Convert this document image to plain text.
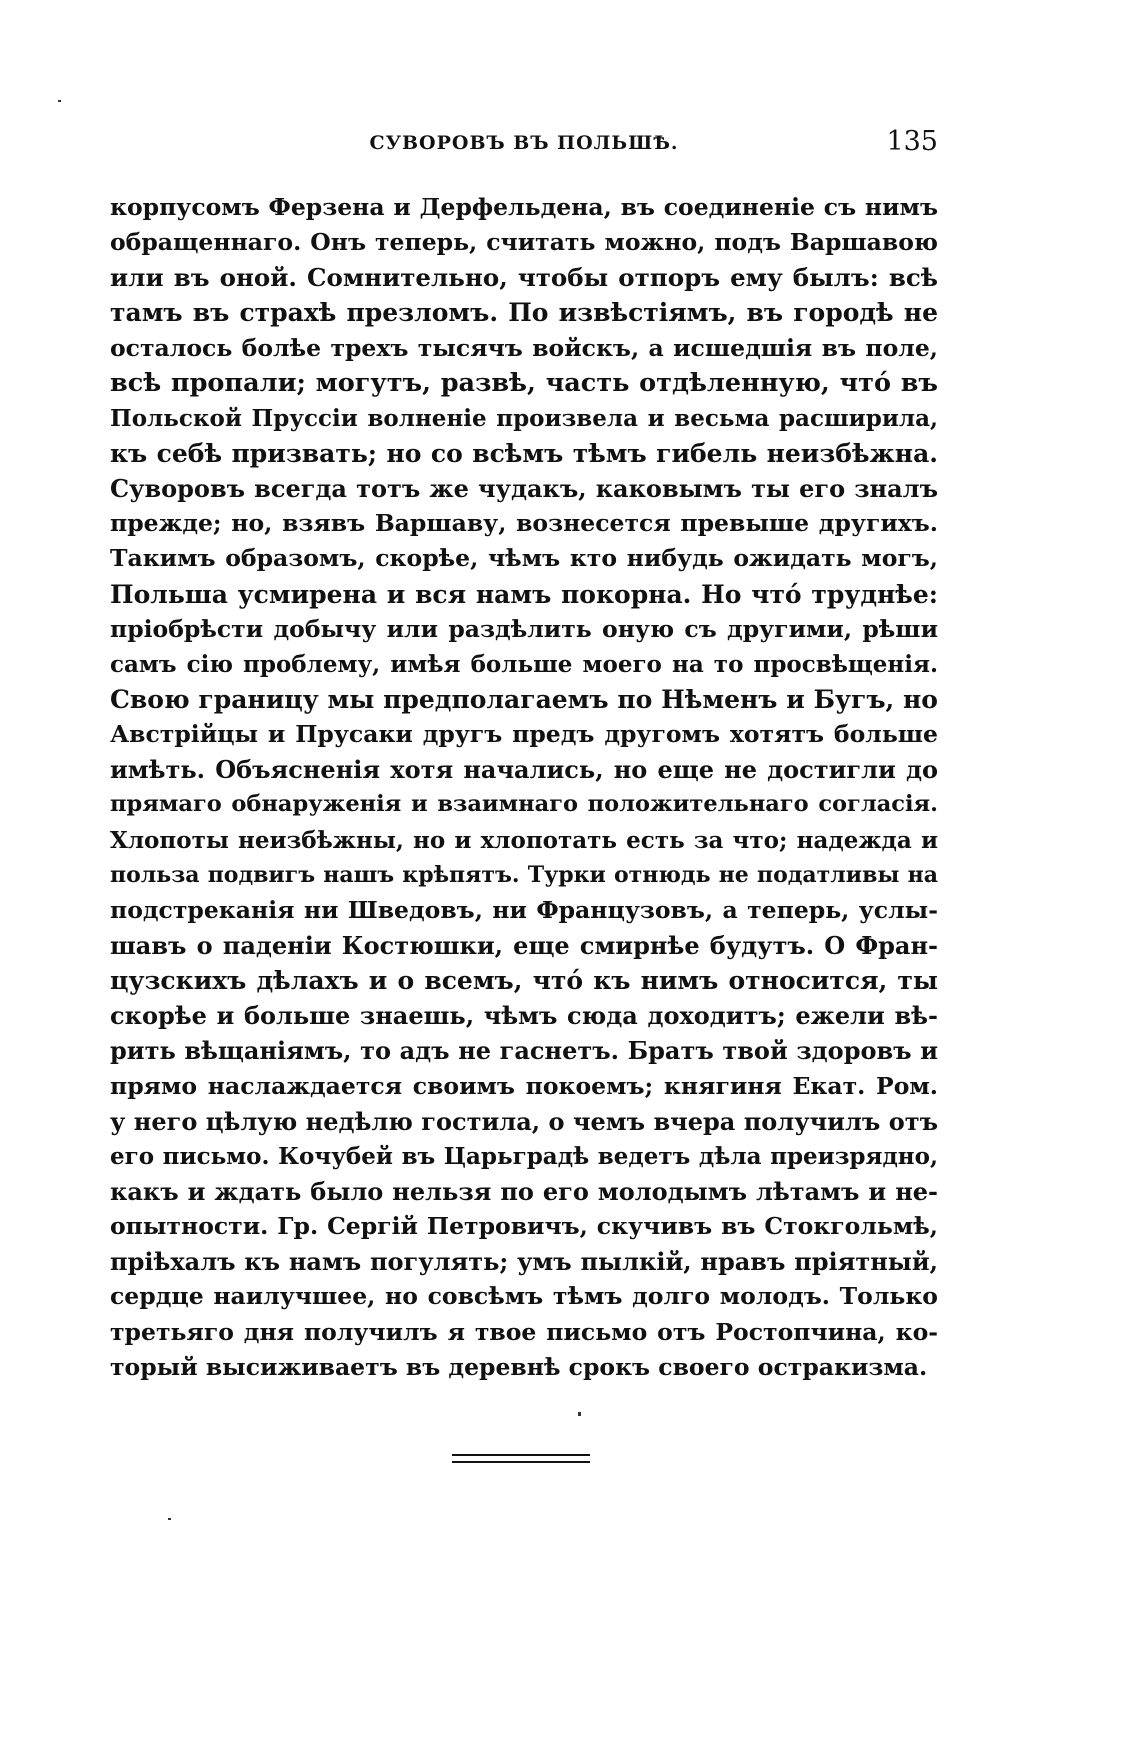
СУВОРОВЪ ВЪ ПОЛЬШѢ.	135
корпусомъ Ферзена и Дерфельдена, въ соединеніе съ нимъ
обращеннаго. Онъ теперь, считать можно, подъ Варшавою
или въ оной. Сомнительно, чтобы отпоръ ему былъ: всѣ
тамъ въ страхѣ презломъ. По извѣстіямъ, въ городѣ не
осталось болѣе трехъ тысячъ войскъ, а исшедшія въ поле,
всѣ пропали; могутъ, развѣ, часть отдѣленную, чтó въ
Польской Пруссіи волненіе произвела и весьма расширила,
къ себѣ призвать; но со всѣмъ тѣмъ гибель неизбѣжна.
Суворовъ всегда тотъ же чудакъ, каковымъ ты его зналъ
прежде; но, взявъ Варшаву, вознесется превыше другихъ.
Такимъ образомъ, скорѣе, чѣмъ кто нибудь ожидать могъ,
Польша усмирена и вся намъ покорна. Но чтó труднѣе:
пріобрѣсти добычу или раздѣлить оную съ другими, рѣши
самъ сію проблему, имѣя больше моего на то просвѣщенія.
Свою границу мы предполагаемъ по Нѣменъ и Бугъ, но
Австрійцы и Прусаки другъ предъ другомъ хотятъ больше
имѣть. Объясненія хотя начались, но еще не достигли до
прямаго обнаруженія и взаимнаго положительнаго согласія.
Хлопоты неизбѣжны, но и хлопотать есть за что; надежда и
польза подвигъ нашъ крѣпятъ. Турки отнюдь не податливы на
подстреканія ни Шведовъ, ни Французовъ, а теперь, услы-
шавъ о паденіи Костюшки, еще смирнѣе будутъ. О Фран-
цузскихъ дѣлахъ и о всемъ, чтó къ нимъ относится, ты
скорѣе и больше знаешь, чѣмъ сюда доходитъ; ежели вѣ-
рить вѣщаніямъ, то адъ не гаснетъ. Братъ твой здоровъ и
прямо наслаждается своимъ покоемъ; княгиня Екат. Ром.
у него цѣлую недѣлю гостила, о чемъ вчера получилъ отъ
его письмо. Кочубей въ Царьградѣ ведетъ дѣла преизрядно,
какъ и ждать было нельзя по его молодымъ лѣтамъ и не-
опытности. Гр. Сергій Петровичъ, скучивъ въ Стокгольмѣ,
пріѣхалъ къ намъ погулять; умъ пылкій, нравъ пріятный,
сердце наилучшее, но совсѣмъ тѣмъ долго молодъ. Только
третьяго дня получилъ я твое письмо отъ Ростопчина, ко-
торый высиживаетъ въ деревнѣ срокъ своего остракизма.
